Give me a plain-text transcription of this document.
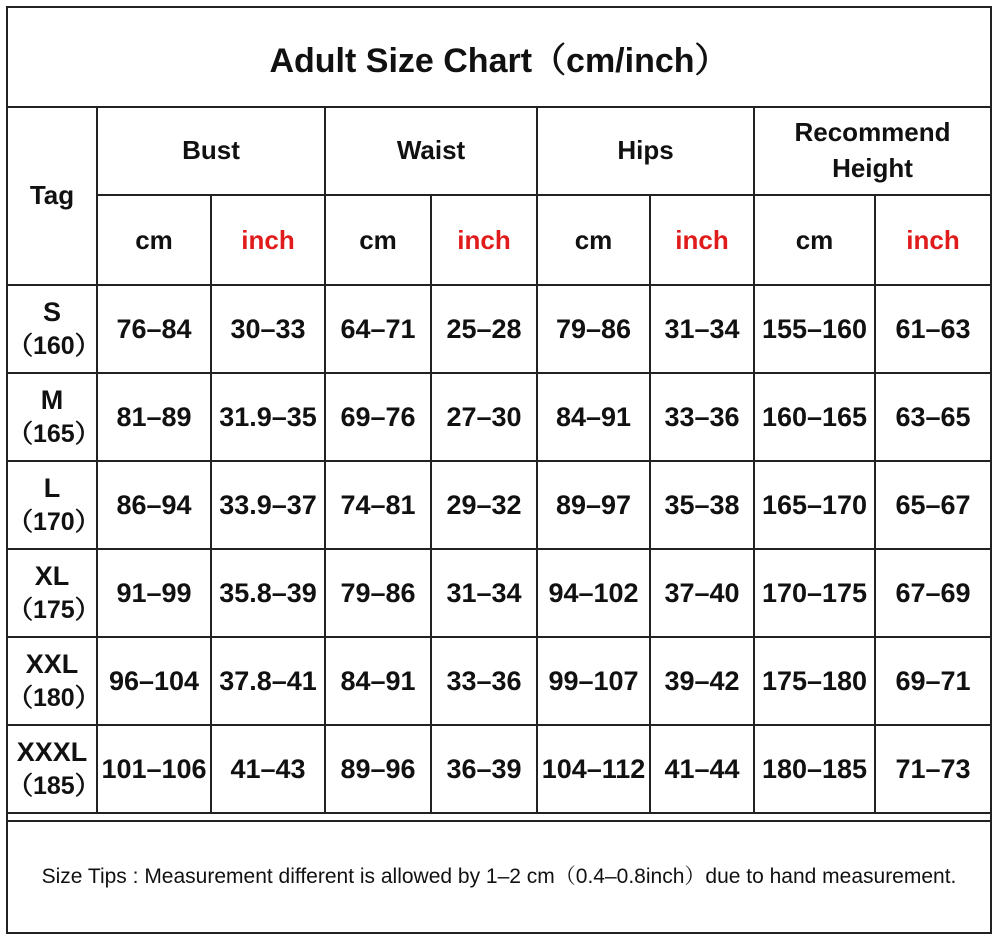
Adult Size Chart（cm/inch）
Tag	Bust		Waist		Hips		Recommend Height	
	cm	inch	cm	inch	cm	inch	cm	inch

S
（160）	76–84	30–33	64–71	25–28	79–86	31–34	155–160	61–63

M
（165）	81–89	31.9–35	69–76	27–30	84–91	33–36	160–165	63–65

L
（170）	86–94	33.9–37	74–81	29–32	89–97	35–38	165–170	65–67

XL
（175）	91–99	35.8–39	79–86	31–34	94–102	37–40	170–175	67–69

XXL
（180）	96–104	37.8–41	84–91	33–36	99–107	39–42	175–180	69–71

XXXL
（185）	101–106	41–43	89–96	36–39	104–112	41–44	180–185	71–73
Size Tips : Measurement different is allowed by 1–2 cm（0.4–0.8inch）due to hand measurement.
